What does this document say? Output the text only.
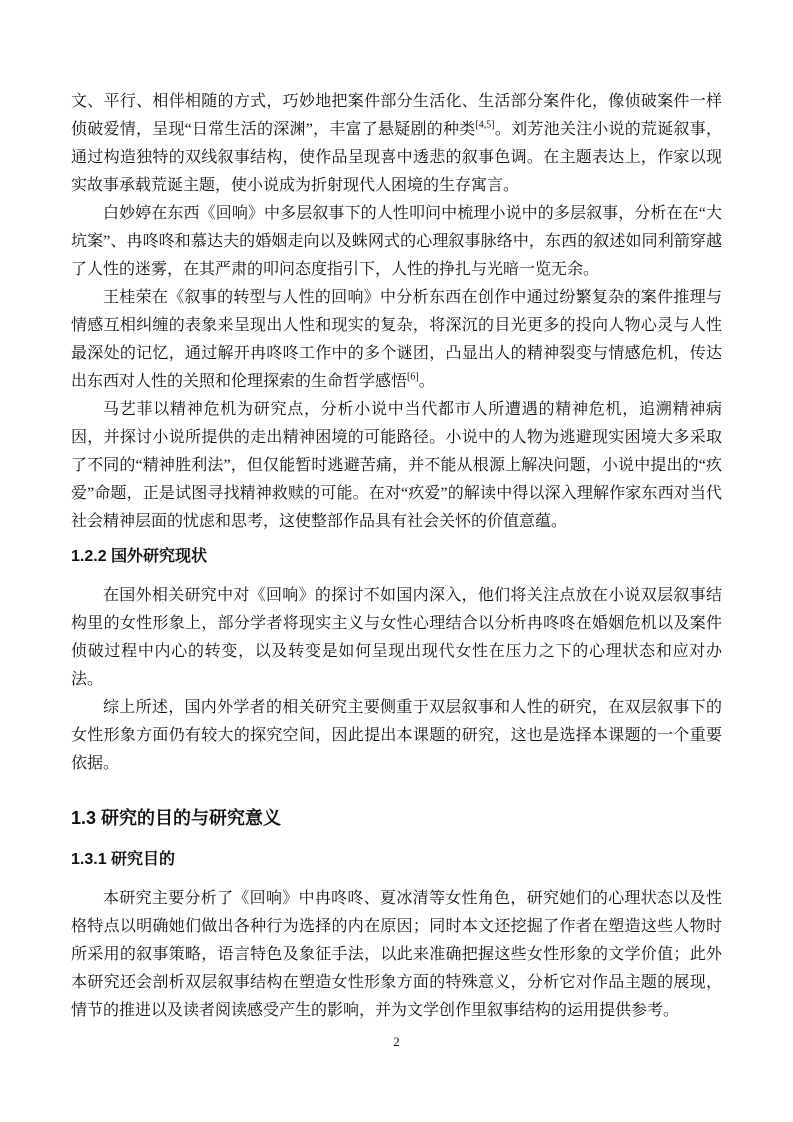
文、平行、相伴相随的方式，巧妙地把案件部分生活化、生活部分案件化，像侦破案件一样侦破爱情，呈现“日常生活的深渊”，丰富了悬疑剧的种类[4,5]。刘芳池关注小说的荒诞叙事，通过构造独特的双线叙事结构，使作品呈现喜中透悲的叙事色调。在主题表达上，作家以现实故事承载荒诞主题，使小说成为折射现代人困境的生存寓言。

白妙婷在东西《回响》中多层叙事下的人性叩问中梳理小说中的多层叙事，分析在在“大坑案”、冉咚咚和慕达夫的婚姻走向以及蛛网式的心理叙事脉络中，东西的叙述如同利箭穿越了人性的迷雾，在其严肃的叩问态度指引下，人性的挣扎与光暗一览无余。

王桂荣在《叙事的转型与人性的回响》中分析东西在创作中通过纷繁复杂的案件推理与情感互相纠缠的表象来呈现出人性和现实的复杂，将深沉的目光更多的投向人物心灵与人性最深处的记忆，通过解开冉咚咚工作中的多个谜团，凸显出人的精神裂变与情感危机，传达出东西对人性的关照和伦理探索的生命哲学感悟[6]。

马艺菲以精神危机为研究点，分析小说中当代都市人所遭遇的精神危机，追溯精神病因，并探讨小说所提供的走出精神困境的可能路径。小说中的人物为逃避现实困境大多采取了不同的“精神胜利法”，但仅能暂时逃避苦痛，并不能从根源上解决问题，小说中提出的“疚爱”命题，正是试图寻找精神救赎的可能。在对“疚爱”的解读中得以深入理解作家东西对当代社会精神层面的忧虑和思考，这使整部作品具有社会关怀的价值意蕴。

1.2.2 国外研究现状

在国外相关研究中对《回响》的探讨不如国内深入，他们将关注点放在小说双层叙事结构里的女性形象上，部分学者将现实主义与女性心理结合以分析冉咚咚在婚姻危机以及案件侦破过程中内心的转变，以及转变是如何呈现出现代女性在压力之下的心理状态和应对办法。

综上所述，国内外学者的相关研究主要侧重于双层叙事和人性的研究，在双层叙事下的女性形象方面仍有较大的探究空间，因此提出本课题的研究，这也是选择本课题的一个重要依据。

1.3 研究的目的与研究意义
1.3.1 研究目的

本研究主要分析了《回响》中冉咚咚、夏冰清等女性角色，研究她们的心理状态以及性格特点以明确她们做出各种行为选择的内在原因；同时本文还挖掘了作者在塑造这些人物时所采用的叙事策略，语言特色及象征手法，以此来准确把握这些女性形象的文学价值；此外本研究还会剖析双层叙事结构在塑造女性形象方面的特殊意义，分析它对作品主题的展现，情节的推进以及读者阅读感受产生的影响，并为文学创作里叙事结构的运用提供参考。

2
